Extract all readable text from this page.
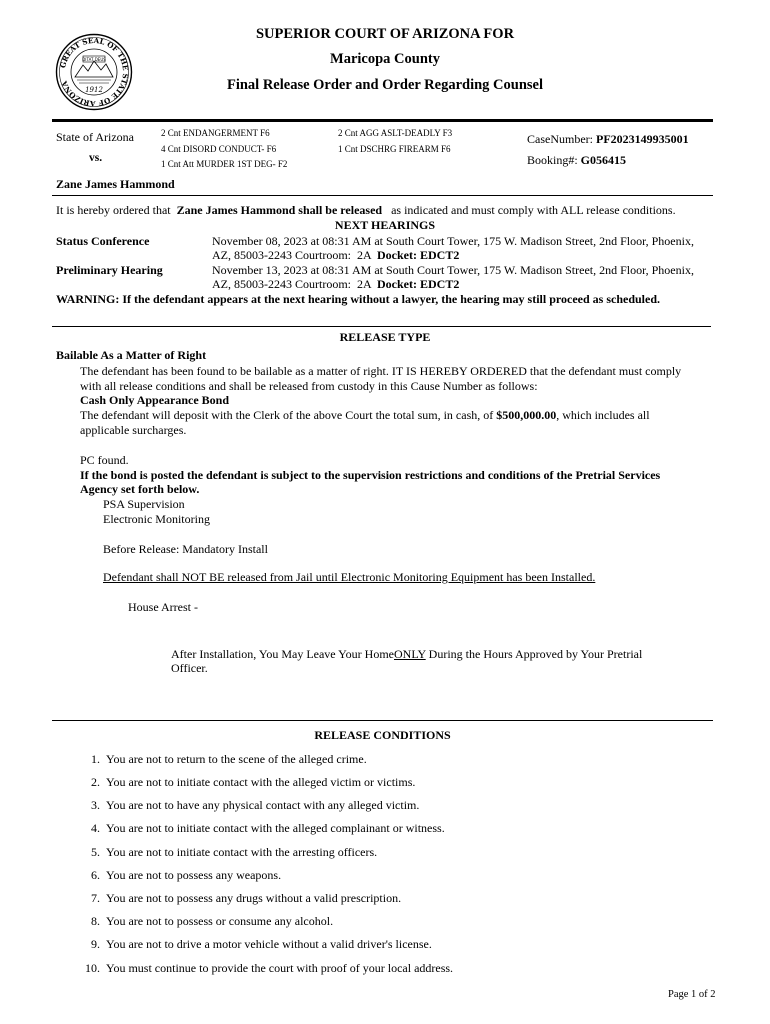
GREAT SEAL OF THE STATE OF ARIZONA
DITAT DEUS
1912
SUPERIOR COURT OF ARIZONA FOR
Maricopa County
Final Release Order and Order Regarding Counsel
State of Arizona
vs.
2 Cnt ENDANGERMENT F6	2 Cnt AGG ASLT-DEADLY F3
4 Cnt DISORD CONDUCT- F6	1 Cnt DSCHRG FIREARM F6
1 Cnt Att MURDER 1ST DEG- F2
CaseNumber: PF2023149935001
Booking#: G056415
Zane James Hammond
It is hereby ordered that Zane James Hammond shall be released as indicated and must comply with ALL release conditions.
NEXT HEARINGS
Status Conference	November 08, 2023 at 08:31 AM at South Court Tower, 175 W. Madison Street, 2nd Floor, Phoenix,
AZ, 85003-2243 Courtroom:  2A  Docket: EDCT2
Preliminary Hearing	November 13, 2023 at 08:31 AM at South Court Tower, 175 W. Madison Street, 2nd Floor, Phoenix,
AZ, 85003-2243 Courtroom:  2A  Docket: EDCT2
WARNING: If the defendant appears at the next hearing without a lawyer, the hearing may still proceed as scheduled.
RELEASE TYPE
Bailable As a Matter of Right
The defendant has been found to be bailable as a matter of right. IT IS HEREBY ORDERED that the defendant must comply
with all release conditions and shall be released from custody in this Cause Number as follows:
Cash Only Appearance Bond
The defendant will deposit with the Clerk of the above Court the total sum, in cash, of $500,000.00, which includes all
applicable surcharges.
PC found.
If the bond is posted the defendant is subject to the supervision restrictions and conditions of the Pretrial Services
Agency set forth below.
PSA Supervision
Electronic Monitoring
Before Release: Mandatory Install
Defendant shall NOT BE released from Jail until Electronic Monitoring Equipment has been Installed.
House Arrest -
After Installation, You May Leave Your HomeONLY During the Hours Approved by Your Pretrial
Officer.
RELEASE CONDITIONS
1. You are not to return to the scene of the alleged crime.
2. You are not to initiate contact with the alleged victim or victims.
3. You are not to have any physical contact with any alleged victim.
4. You are not to initiate contact with the alleged complainant or witness.
5. You are not to initiate contact with the arresting officers.
6. You are not to possess any weapons.
7. You are not to possess any drugs without a valid prescription.
8. You are not to possess or consume any alcohol.
9. You are not to drive a motor vehicle without a valid driver's license.
10. You must continue to provide the court with proof of your local address.
Page 1 of 2
